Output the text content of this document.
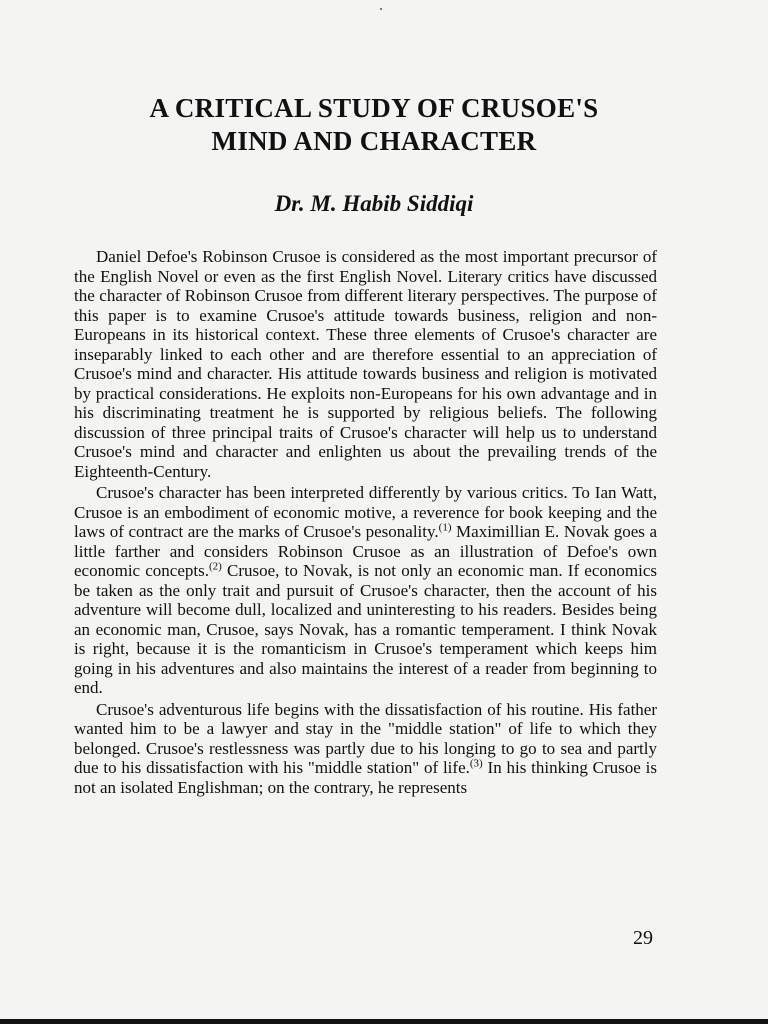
A CRITICAL STUDY OF CRUSOE'S
MIND AND CHARACTER

Dr. M. Habib Siddiqi

Daniel Defoe's Robinson Crusoe is considered as the most important precursor of the English Novel or even as the first English Novel. Literary critics have discussed the character of Robinson Crusoe from different literary perspectives. The purpose of this paper is to examine Crusoe's attitude towards business, religion and non-Europeans in its historical context. These three elements of Crusoe's character are inseparably linked to each other and are therefore essential to an appreciation of Crusoe's mind and character. His attitude towards business and religion is motivated by practical considerations. He exploits non-Europeans for his own advantage and in his discriminating treatment he is supported by religious beliefs. The following discussion of three principal traits of Crusoe's character will help us to understand Crusoe's mind and character and enlighten us about the prevailing trends of the Eighteenth-Century.

Crusoe's character has been interpreted differently by various critics. To Ian Watt, Crusoe is an embodiment of economic motive, a reverence for book keeping and the laws of contract are the marks of Crusoe's pesonality.$^{(1)}$ Maximillian E. Novak goes a little farther and considers Robinson Crusoe as an illustration of Defoe's own economic concepts.$^{(2)}$ Crusoe, to Novak, is not only an economic man. If economics be taken as the only trait and pursuit of Crusoe's character, then the account of his adventure will become dull, localized and uninteresting to his readers. Besides being an economic man, Crusoe, says Novak, has a romantic temperament. I think Novak is right, because it is the romanticism in Crusoe's temperament which keeps him going in his adventures and also maintains the interest of a reader from beginning to end.

Crusoe's adventurous life begins with the dissatisfaction of his routine. His father wanted him to be a lawyer and stay in the "middle station" of life to which they belonged. Crusoe's restlessness was partly due to his longing to go to sea and partly due to his dissatisfaction with his "middle station" of life.$^{(3)}$ In his thinking Crusoe is not an isolated Englishman; on the contrary, he represents

29
